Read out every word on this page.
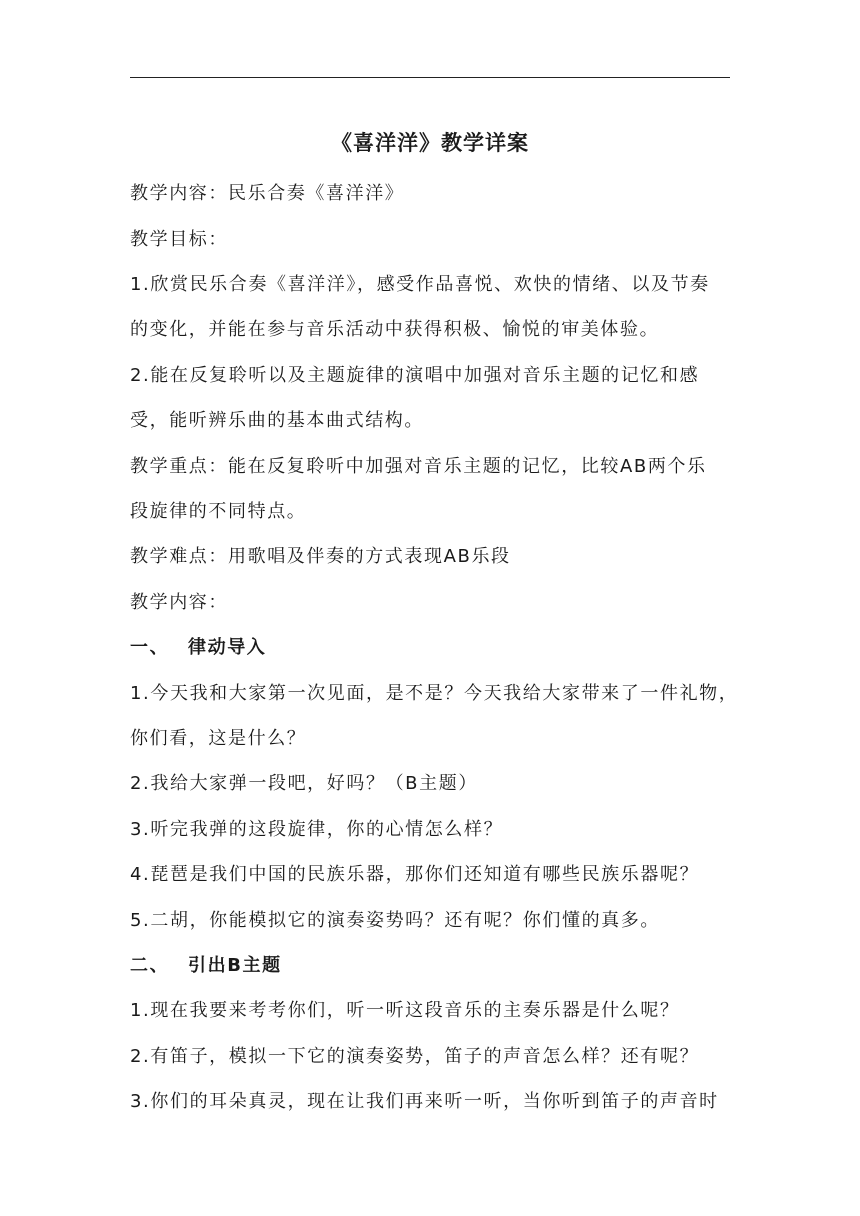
《喜洋洋》教学详案
教学内容：民乐合奏《喜洋洋》
教学目标：
1.欣赏民乐合奏《喜洋洋》，感受作品喜悦、欢快的情绪、以及节奏
的变化，并能在参与音乐活动中获得积极、愉悦的审美体验。
2.能在反复聆听以及主题旋律的演唱中加强对音乐主题的记忆和感
受，能听辨乐曲的基本曲式结构。
教学重点：能在反复聆听中加强对音乐主题的记忆，比较AB两个乐
段旋律的不同特点。
教学难点：用歌唱及伴奏的方式表现AB乐段
教学内容：
一、 律动导入
1.今天我和大家第一次见面，是不是？今天我给大家带来了一件礼物，
你们看，这是什么？
2.我给大家弹一段吧，好吗？（B主题）
3.听完我弹的这段旋律，你的心情怎么样？
4.琵琶是我们中国的民族乐器，那你们还知道有哪些民族乐器呢？
5.二胡，你能模拟它的演奏姿势吗？还有呢？你们懂的真多。
二、 引出B主题
1.现在我要来考考你们，听一听这段音乐的主奏乐器是什么呢？
2.有笛子，模拟一下它的演奏姿势，笛子的声音怎么样？还有呢？
3.你们的耳朵真灵，现在让我们再来听一听，当你听到笛子的声音时
